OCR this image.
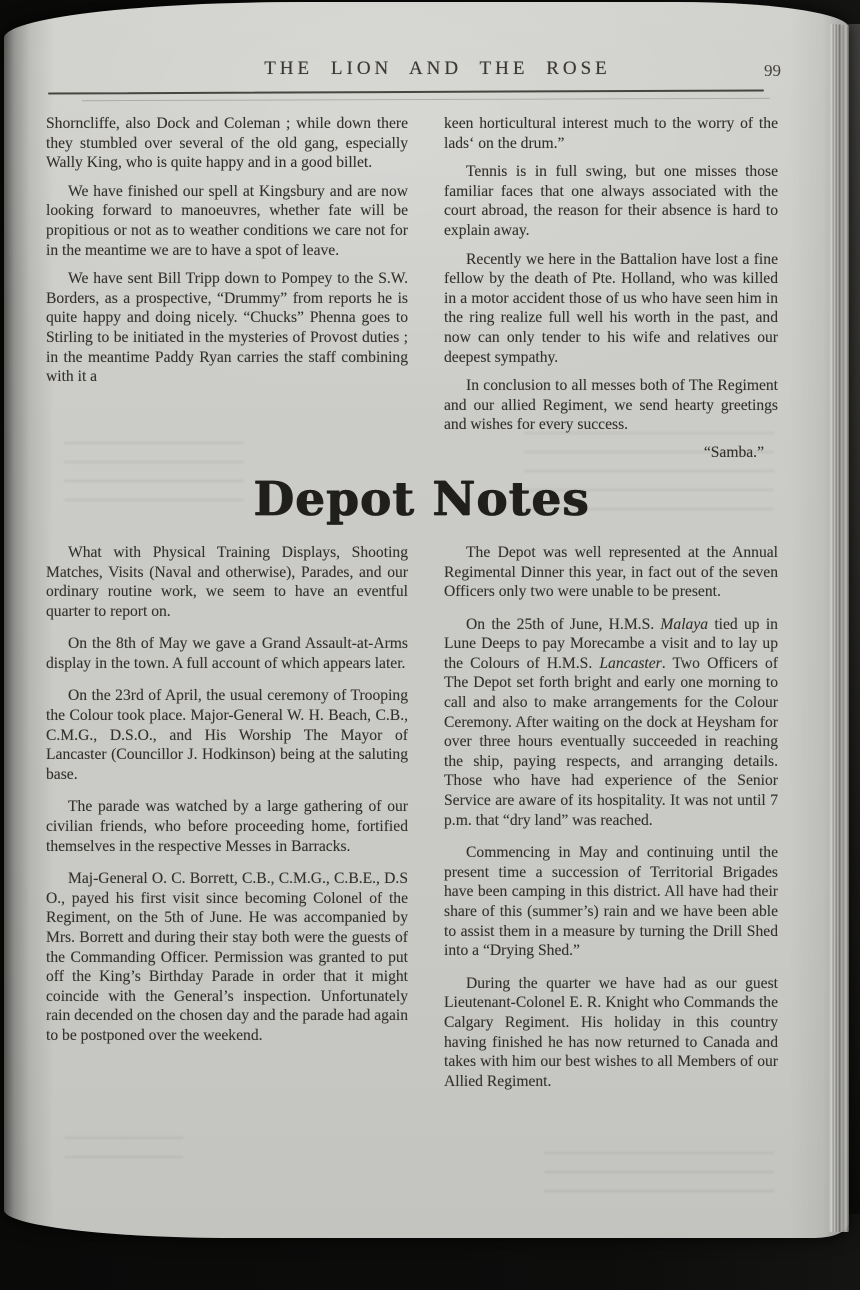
THE LION AND THE ROSE	99

Shorncliffe, also Dock and Coleman ; while down there they stumbled over several of the old gang, especially Wally King, who is quite happy and in a good billet.

We have finished our spell at Kingsbury and are now looking forward to manoeuvres, whether fate will be propitious or not as to weather conditions we care not for in the meantime we are to have a spot of leave.

We have sent Bill Tripp down to Pompey to the S.W. Borders, as a prospective, “Drummy” from reports he is quite happy and doing nicely. “Chucks” Phenna goes to Stirling to be initiated in the mysteries of Provost duties ; in the meantime Paddy Ryan carries the staff combining with it a

keen horticultural interest much to the worry of the lads‘ on the drum.”

Tennis is in full swing, but one misses those familiar faces that one always associated with the court abroad, the reason for their absence is hard to explain away.

Recently we here in the Battalion have lost a fine fellow by the death of Pte. Holland, who was killed in a motor accident those of us who have seen him in the ring realize full well his worth in the past, and now can only tender to his wife and relatives our deepest sympathy.

In conclusion to all messes both of The Regiment and our allied Regiment, we send hearty greetings and wishes for every success.

“Samba.”
Depot Notes

What with Physical Training Displays, Shooting Matches, Visits (Naval and otherwise), Parades, and our ordinary routine work, we seem to have an eventful quarter to report on.

On the 8th of May we gave a Grand Assault-at-Arms display in the town. A full account of which appears later.

On the 23rd of April, the usual ceremony of Trooping the Colour took place. Major-General W. H. Beach, C.B., C.M.G., D.S.O., and His Worship The Mayor of Lancaster (Councillor J. Hodkinson) being at the saluting base.

The parade was watched by a large gathering of our civilian friends, who before proceeding home, fortified themselves in the respective Messes in Barracks.

Maj-General O. C. Borrett, C.B., C.M.G., C.B.E., D.S O., payed his first visit since becoming Colonel of the Regiment, on the 5th of June. He was accompanied by Mrs. Borrett and during their stay both were the guests of the Commanding Officer. Permission was granted to put off the King’s Birthday Parade in order that it might coincide with the General’s inspection. Unfortunately rain decended on the chosen day and the parade had again to be postponed over the weekend.

The Depot was well represented at the Annual Regimental Dinner this year, in fact out of the seven Officers only two were unable to be present.

On the 25th of June, H.M.S. Malaya tied up in Lune Deeps to pay Morecambe a visit and to lay up the Colours of H.M.S. Lancaster. Two Officers of The Depot set forth bright and early one morning to call and also to make arrangements for the Colour Ceremony. After waiting on the dock at Heysham for over three hours eventually succeeded in reaching the ship, paying respects, and arranging details. Those who have had experience of the Senior Service are aware of its hospitality. It was not until 7 p.m. that “dry land” was reached.

Commencing in May and continuing until the present time a succession of Territorial Brigades have been camping in this district. All have had their share of this (summer’s) rain and we have been able to assist them in a measure by turning the Drill Shed into a “Drying Shed.”

During the quarter we have had as our guest Lieutenant-Colonel E. R. Knight who Commands the Calgary Regiment. His holiday in this country having finished he has now returned to Canada and takes with him our best wishes to all Members of our Allied Regiment.
